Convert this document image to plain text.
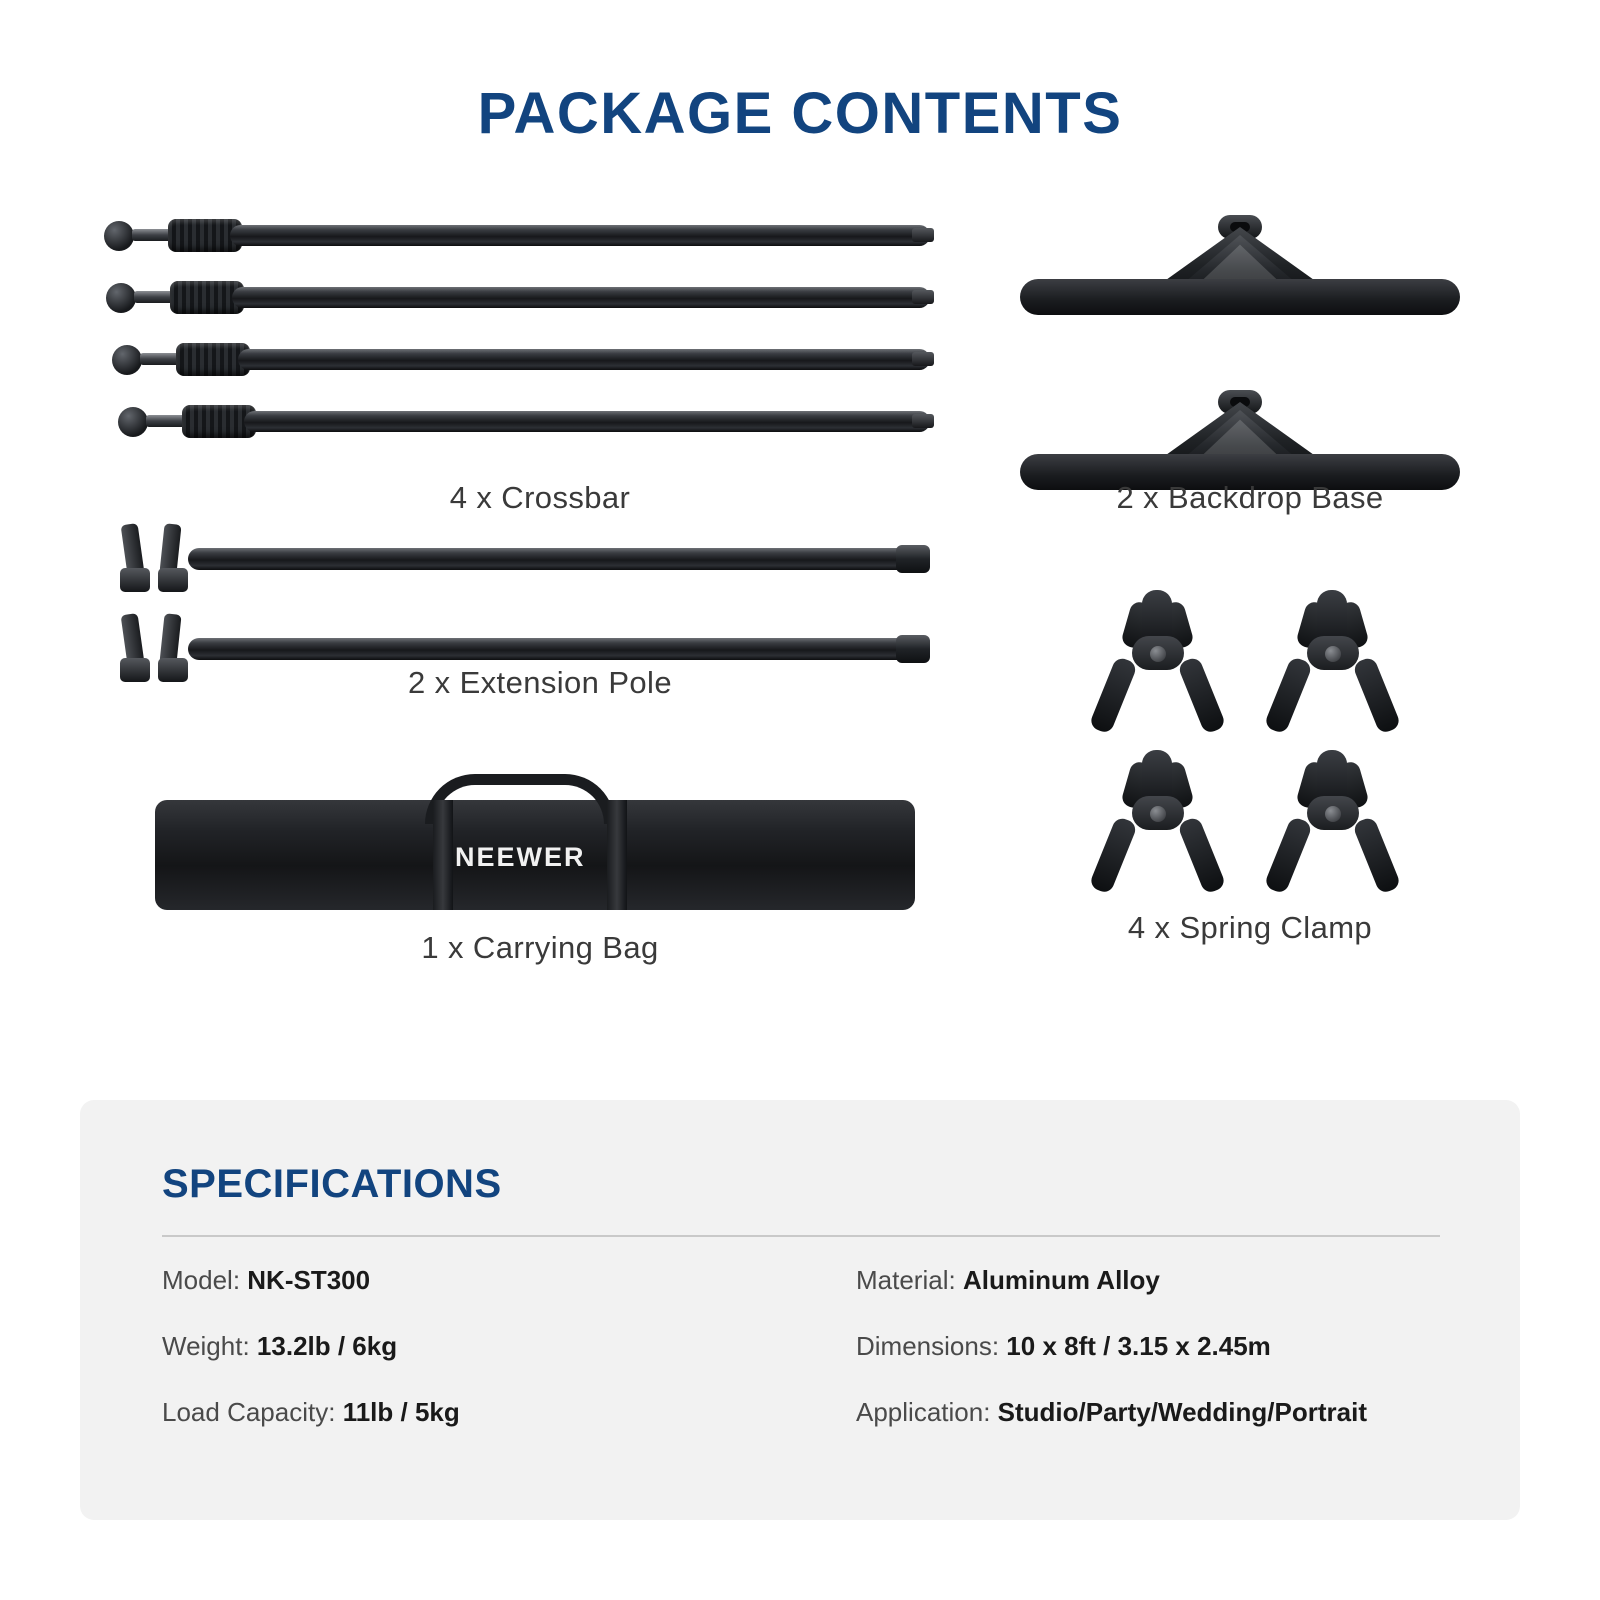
PACKAGE CONTENTS
4 x Crossbar
2 x Extension Pole
NEEWER
1 x Carrying Bag
2 x Backdrop Base
4 x Spring Clamp
SPECIFICATIONS
Model: NK-ST300
Weight: 13.2lb / 6kg
Load Capacity: 11lb / 5kg
Material: Aluminum Alloy
Dimensions: 10 x 8ft / 3.15 x 2.45m
Application: Studio/Party/Wedding/Portrait
